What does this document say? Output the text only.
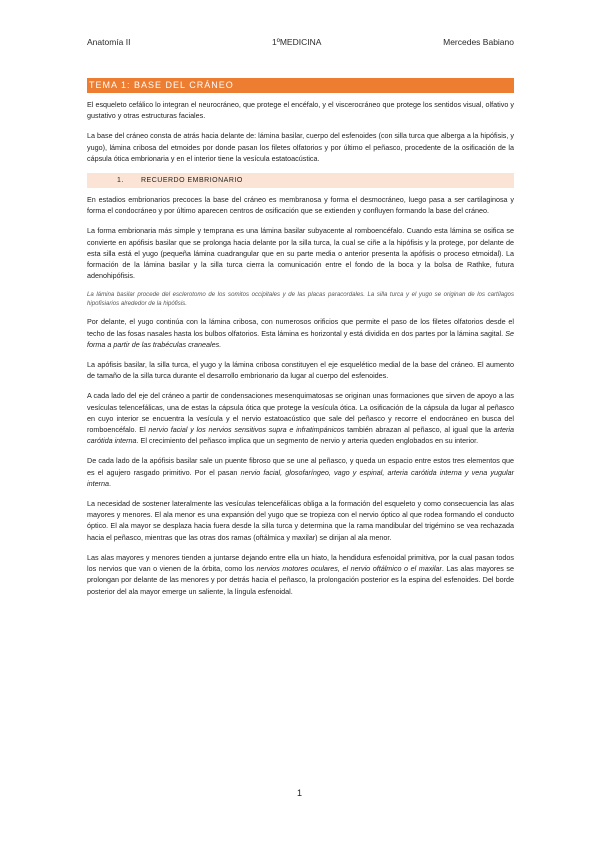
Anatomía II	1ºMEDICINA	Mercedes Babiano
TEMA 1: BASE DEL CRÁNEO

El esqueleto cefálico lo integran el neurocráneo, que protege el encéfalo, y el viscerocráneo que protege los sentidos visual, olfativo y gustativo y otras estructuras faciales.

La base del cráneo consta de atrás hacia delante de: lámina basilar, cuerpo del esfenoides (con silla turca que alberga a la hipófisis, y yugo), lámina cribosa del etmoides por donde pasan los filetes olfatorios y por último el peñasco, procedente de la osificación de la cápsula ótica embrionaria y en el interior tiene la vesícula estatoacústica.

1. RECUERDO EMBRIONARIO

En estadios embrionarios precoces la base del cráneo es membranosa y forma el desmocráneo, luego pasa a ser cartilaginosa y forma el condocráneo y por último aparecen centros de osificación que se extienden y confluyen formando la base del cráneo.

La forma embrionaria más simple y temprana es una lámina basilar subyacente al romboencéfalo. Cuando esta lámina se osifica se convierte en apófisis basilar que se prolonga hacia delante por la silla turca, la cual se ciñe a la hipófisis y la protege, por delante de esta silla está el yugo (pequeña lámina cuadrangular que en su parte media o anterior presenta la apófisis o proceso etmoidal). La formación de la lámina basilar y la silla turca cierra la comunicación entre el fondo de la boca y la bolsa de Rathke, futura adenohipófisis.

La lámina basilar procede del esclerotomo de los somitos occipitales y de las placas paracordales. La silla turca y el yugo se originan de los cartílagos hipofisiarios alrededor de la hipófisis.

Por delante, el yugo continúa con la lámina cribosa, con numerosos orificios que permite el paso de los filetes olfatorios desde el techo de las fosas nasales hasta los bulbos olfatorios. Esta lámina es horizontal y está dividida en dos partes por la lámina sagital. Se forma a partir de las trabéculas craneales.

La apófisis basilar, la silla turca, el yugo y la lámina cribosa constituyen el eje esquelético medial de la base del cráneo. El aumento de tamaño de la silla turca durante el desarrollo embrionario da lugar al cuerpo del esfenoides.

A cada lado del eje del cráneo a partir de condensaciones mesenquimatosas se originan unas formaciones que sirven de apoyo a las vesículas telencefálicas, una de estas la cápsula ótica que protege la vesícula ótica. La osificación de la cápsula da lugar al peñasco en cuyo interior se encuentra la vesícula y el nervio estatoacústico que sale del peñasco y recorre el endocráneo en busca del romboencéfalo. El nervio facial y los nervios sensitivos supra e infratimpánicos también abrazan al peñasco, al igual que la arteria carótida interna. El crecimiento del peñasco implica que un segmento de nervio y arteria queden englobados en su interior.

De cada lado de la apófisis basilar sale un puente fibroso que se une al peñasco, y queda un espacio entre estos tres elementos que es el agujero rasgado primitivo. Por el pasan nervio facial, glosofaríngeo, vago y espinal, arteria carótida interna y vena yugular interna.

La necesidad de sostener lateralmente las vesículas telencefálicas obliga a la formación del esqueleto y como consecuencia las alas mayores y menores. El ala menor es una expansión del yugo que se tropieza con el nervio óptico al que rodea formando el conducto óptico. El ala mayor se desplaza hacia fuera desde la silla turca y determina que la rama mandibular del trigémino se vea rechazada hacia el peñasco, mientras que las otras dos ramas (oftálmica y maxilar) se dirijan al ala menor.

Las alas mayores y menores tienden a juntarse dejando entre ella un hiato, la hendidura esfenoidal primitiva, por la cual pasan todos los nervios que van o vienen de la órbita, como los nervios motores oculares, el nervio oftálmico o el maxilar. Las alas mayores se prolongan por delante de las menores y por detrás hacia el peñasco, la prolongación posterior es la espina del esfenoides. Del borde posterior del ala mayor emerge un saliente, la língula esfenoidal.

1
